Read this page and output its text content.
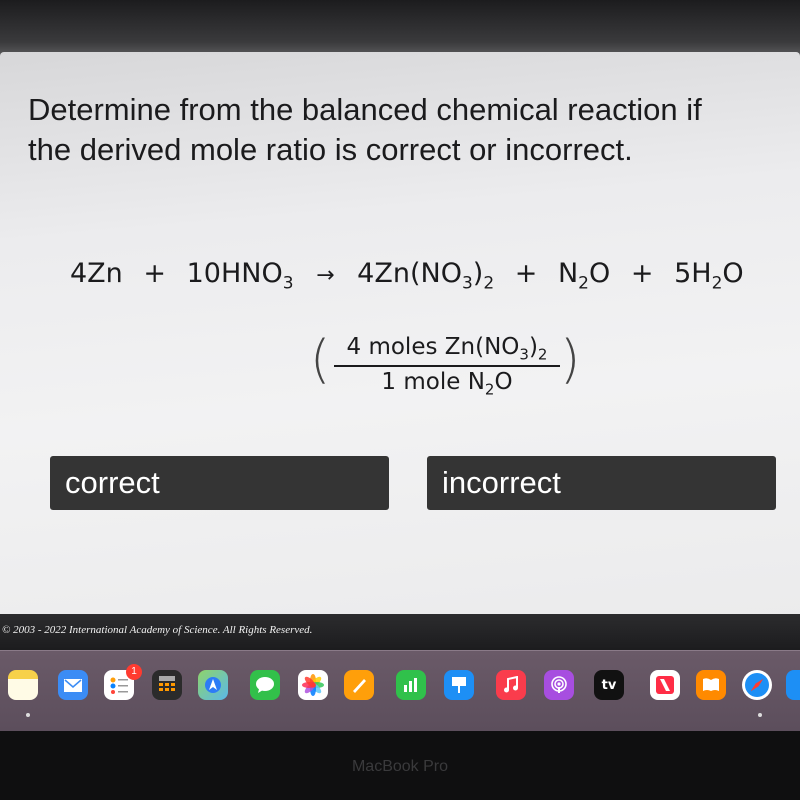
Determine from the balanced chemical reaction if
the derived mole ratio is correct or incorrect.
$4Zn + 10HNO_3 \to 4Zn(NO_3)_2 + N_2O + 5H_2O$
( 4 moles $Zn(NO_3)_2$
1 mole $N_2O$ )
correct	incorrect
© 2003 - 2022 International Academy of Science. All Rights Reserved.
1
tv
MacBook Pro
